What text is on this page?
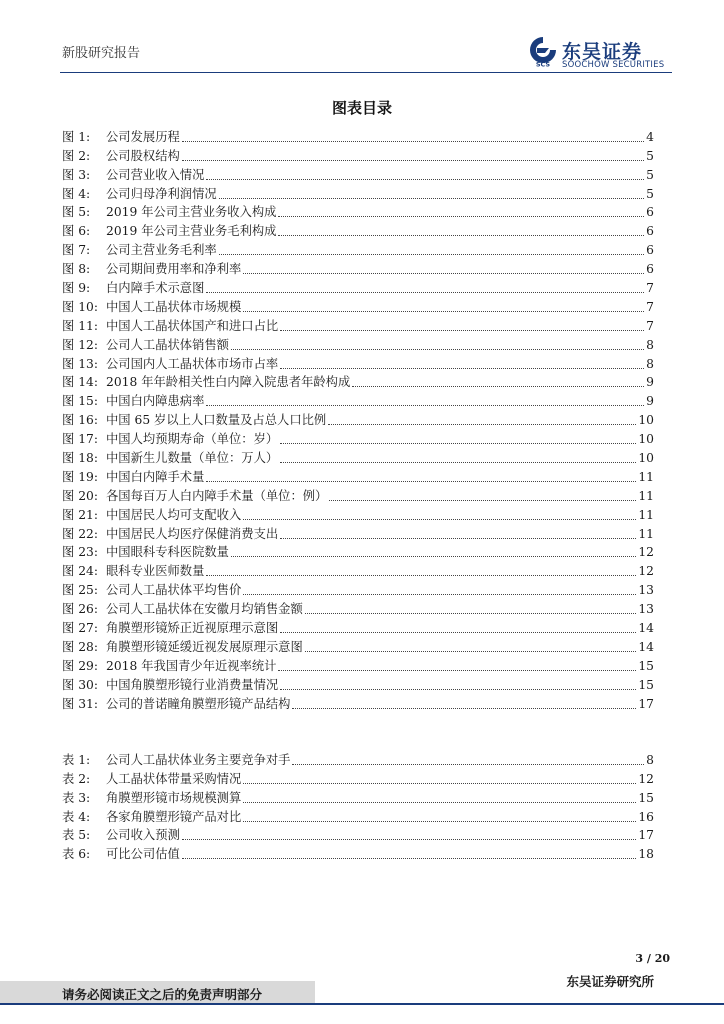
新股研究报告
SCS
东吴证券
SOOCHOW SECURITIES
图表目录
图 1:	公司发展历程	4
图 2:	公司股权结构	5
图 3:	公司营业收入情况	5
图 4:	公司归母净利润情况	5
图 5:	2019 年公司主营业务收入构成	6
图 6:	2019 年公司主营业务毛利构成	6
图 7:	公司主营业务毛利率	6
图 8:	公司期间费用率和净利率	6
图 9:	白内障手术示意图	7
图 10: 中国人工晶状体市场规模	7
图 11: 中国人工晶状体国产和进口占比	7
图 12: 公司人工晶状体销售额	8
图 13: 公司国内人工晶状体市场市占率	8
图 14: 2018 年年龄相关性白内障入院患者年龄构成	9
图 15: 中国白内障患病率	9
图 16: 中国 65 岁以上人口数量及占总人口比例	10
图 17: 中国人均预期寿命（单位：岁）	10
图 18: 中国新生儿数量（单位：万人）	10
图 19: 中国白内障手术量	11
图 20: 各国每百万人白内障手术量（单位：例）	11
图 21: 中国居民人均可支配收入	11
图 22: 中国居民人均医疗保健消费支出	11
图 23: 中国眼科专科医院数量	12
图 24: 眼科专业医师数量	12
图 25: 公司人工晶状体平均售价	13
图 26: 公司人工晶状体在安徽月均销售金额	13
图 27: 角膜塑形镜矫正近视原理示意图	14
图 28: 角膜塑形镜延缓近视发展原理示意图	14
图 29: 2018 年我国青少年近视率统计	15
图 30: 中国角膜塑形镜行业消费量情况	15
图 31: 公司的普诺瞳角膜塑形镜产品结构	17
表 1:	公司人工晶状体业务主要竞争对手	8
表 2:	人工晶状体带量采购情况	12
表 3:	角膜塑形镜市场规模测算	15
表 4:	各家角膜塑形镜产品对比	16
表 5:	公司收入预测	17
表 6:	可比公司估值	18
3 / 20
请务必阅读正文之后的免责声明部分
东吴证券研究所
